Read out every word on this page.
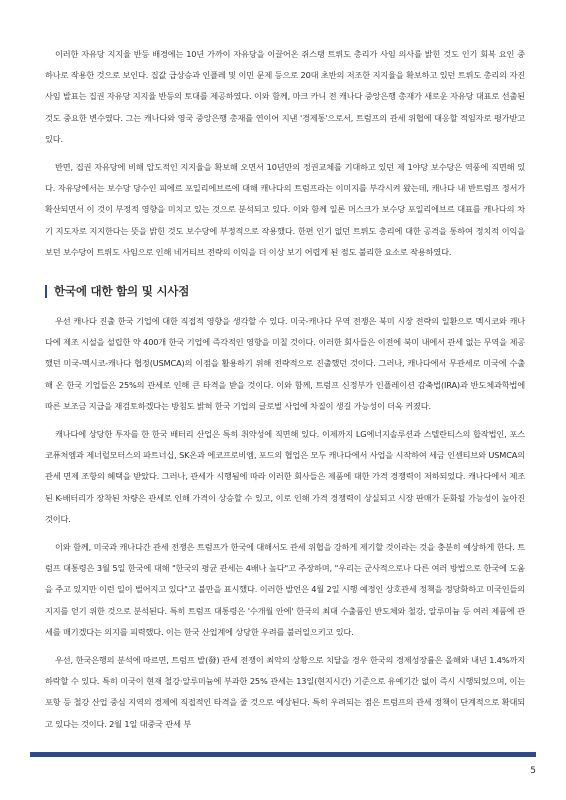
이러한 자유당 지지율 반등 배경에는 10년 가까이 자유당을 이끌어온 쥐스탱 트뤼도 총리가 사임 의사를 밝힌 것도 인기 회복 요인 중 하나로 작용한 것으로 보인다. 집값 급상승과 인플레 및 이민 문제 등으로 20대 초반의 저조한 지지율을 확보하고 있던 트뤼도 총리의 자진 사임 발표는 집권 자유당 지지율 반등의 토대를 제공하였다. 이와 함께, 마크 카니 전 캐나다 중앙은행 총재가 새로운 자유당 대표로 선출된 것도 중요한 변수였다. 그는 캐나다와 영국 중앙은행 총재를 연이어 지낸 '경제통'으로서, 트럼프의 관세 위협에 대응할 적임자로 평가받고 있다.

반면, 집권 자유당에 비해 압도적인 지지율을 확보해 오면서 10년만의 정권교체를 기대하고 있던 제 1야당 보수당은 역풍에 직면해 있다. 자유당에서는 보수당 당수인 피에르 포일리에브르에 대해 캐나다의 트럼프라는 이미지를 부각시켜 왔는데, 캐나다 내 반트럼프 정서가 확산되면서 이 것이 부정적 영향을 미치고 있는 것으로 분석되고 있다. 이와 함께 일론 머스크가 보수당 포일리에브르 대표를 캐나다의 차기 지도자로 지지한다는 뜻을 밝힌 것도 보수당에 부정적으로 작용했다. 한편 인기 없던 트뤼도 총리에 대한 공격을 통하여 정치적 이익을 보던 보수당이 트뤼도 사임으로 인해 네거티브 전략의 이익을 더 이상 보기 어렵게 된 점도 불리한 요소로 작용하였다.

한국에 대한 함의 및 시사점

우선 캐나다 진출 한국 기업에 대한 직접적 영향을 생각할 수 있다. 미국-캐나다 무역 전쟁은 북미 시장 전략의 일환으로 멕시코와 캐나다에 제조 시설을 설립한 약 400개 한국 기업에 즉각적인 영향을 미칠 것이다. 이러한 회사들은 이전에 북미 내에서 관세 없는 무역을 제공했던 미국-멕시코-캐나다 협정(USMCA)의 이점을 활용하기 위해 전략적으로 진출했던 것이다. 그러나, 캐나다에서 무관세로 미국에 수출해 온 한국 기업들은 25%의 관세로 인해 큰 타격을 받을 것이다. 이와 함께, 트럼프 신정부가 인플레이션 감축법(IRA)과 반도체과학법에 따른 보조금 지급을 재검토하겠다는 방침도 밝혀 한국 기업의 글로벌 사업에 차질이 생길 가능성이 더욱 커졌다.

캐나다에 상당한 투자를 한 한국 배터리 산업은 특히 취약성에 직면해 있다. 이제까지 LG에너지솔루션과 스텔란티스의 합작법인, 포스코퓨처엠과 제너럴모터스의 파트너십, SK온과 에코프로비엠, 포드의 협업은 모두 캐나다에서 사업을 시작하여 세금 인센티브와 USMCA의 관세 면제 조항의 혜택을 받았다. 그러나, 관세가 시행됨에 따라 이러한 회사들은 제품에 대한 가격 경쟁력이 저하되었다. 캐나다에서 제조된 K-배터리가 장착된 차량은 관세로 인해 가격이 상승할 수 있고, 이로 인해 가격 경쟁력이 상실되고 시장 판매가 둔화될 가능성이 높아진 것이다.

이와 함께, 미국과 캐나다간 관세 전쟁은 트럼프가 한국에 대해서도 관세 위협을 강하게 제기할 것이라는 것을 충분히 예상하게 한다. 트럼프 대통령은 3월 5일 한국에 대해 "한국의 평균 관세는 4배나 높다"고 주장하며, "우리는 군사적으로나 다른 여러 방법으로 한국에 도움을 주고 있지만 이런 일이 벌어지고 있다"고 불만을 표시했다. 이러한 발언은 4월 2일 시행 예정인 상호관세 정책을 정당화하고 미국인들의 지지를 얻기 위한 것으로 분석된다. 특히 트럼프 대통령은 '수개월 안에' 한국의 최대 수출품인 반도체와 철강, 알루미늄 등 여러 제품에 관세를 매기겠다는 의지를 피력했다. 이는 한국 산업계에 상당한 우려를 불러일으키고 있다.

우선, 한국은행의 분석에 따르면, 트럼프 발(發) 관세 전쟁이 최악의 상황으로 치달을 경우 한국의 경제성장률은 올해와 내년 1.4%까지 하락할 수 있다. 특히 미국이 현재 철강·알루미늄에 부과한 25% 관세는 13일(현지시간) 기준으로 유예기간 없이 즉시 시행되었으며, 이는 포항 등 철강 산업 중심 지역의 경제에 직접적인 타격을 줄 것으로 예상된다. 특히 우려되는 점은 트럼프의 관세 정책이 단계적으로 확대되고 있다는 것이다. 2월 1일 대중국 관세 부

5
